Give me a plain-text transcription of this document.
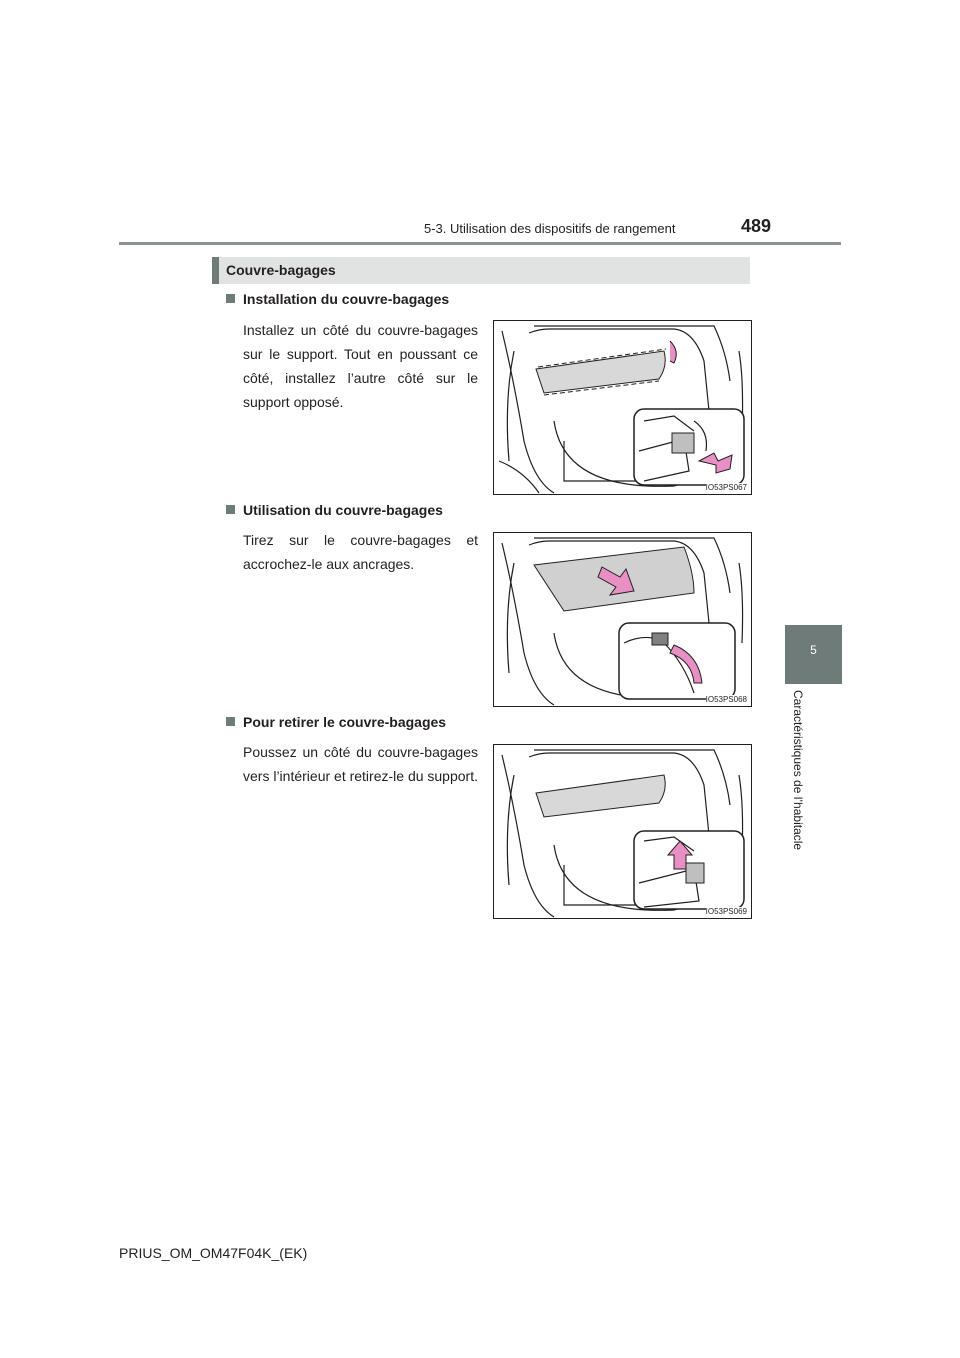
5-3. Utilisation des dispositifs de rangement	489
5
Caractéristiques de l’habitacle
Couvre-bagages
Installation du couvre-bagages

Installez un côté du couvre-bagages sur le support. Tout en poussant ce côté, installez l’autre côté sur le support opposé.

IO53PS067
Utilisation du couvre-bagages

Tirez sur le couvre-bagages et accrochez-le aux ancrages.

IO53PS068
Pour retirer le couvre-bagages

Poussez un côté du couvre-bagages vers l’intérieur et retirez-le du support.

IO53PS069
PRIUS_OM_OM47F04K_(EK)
